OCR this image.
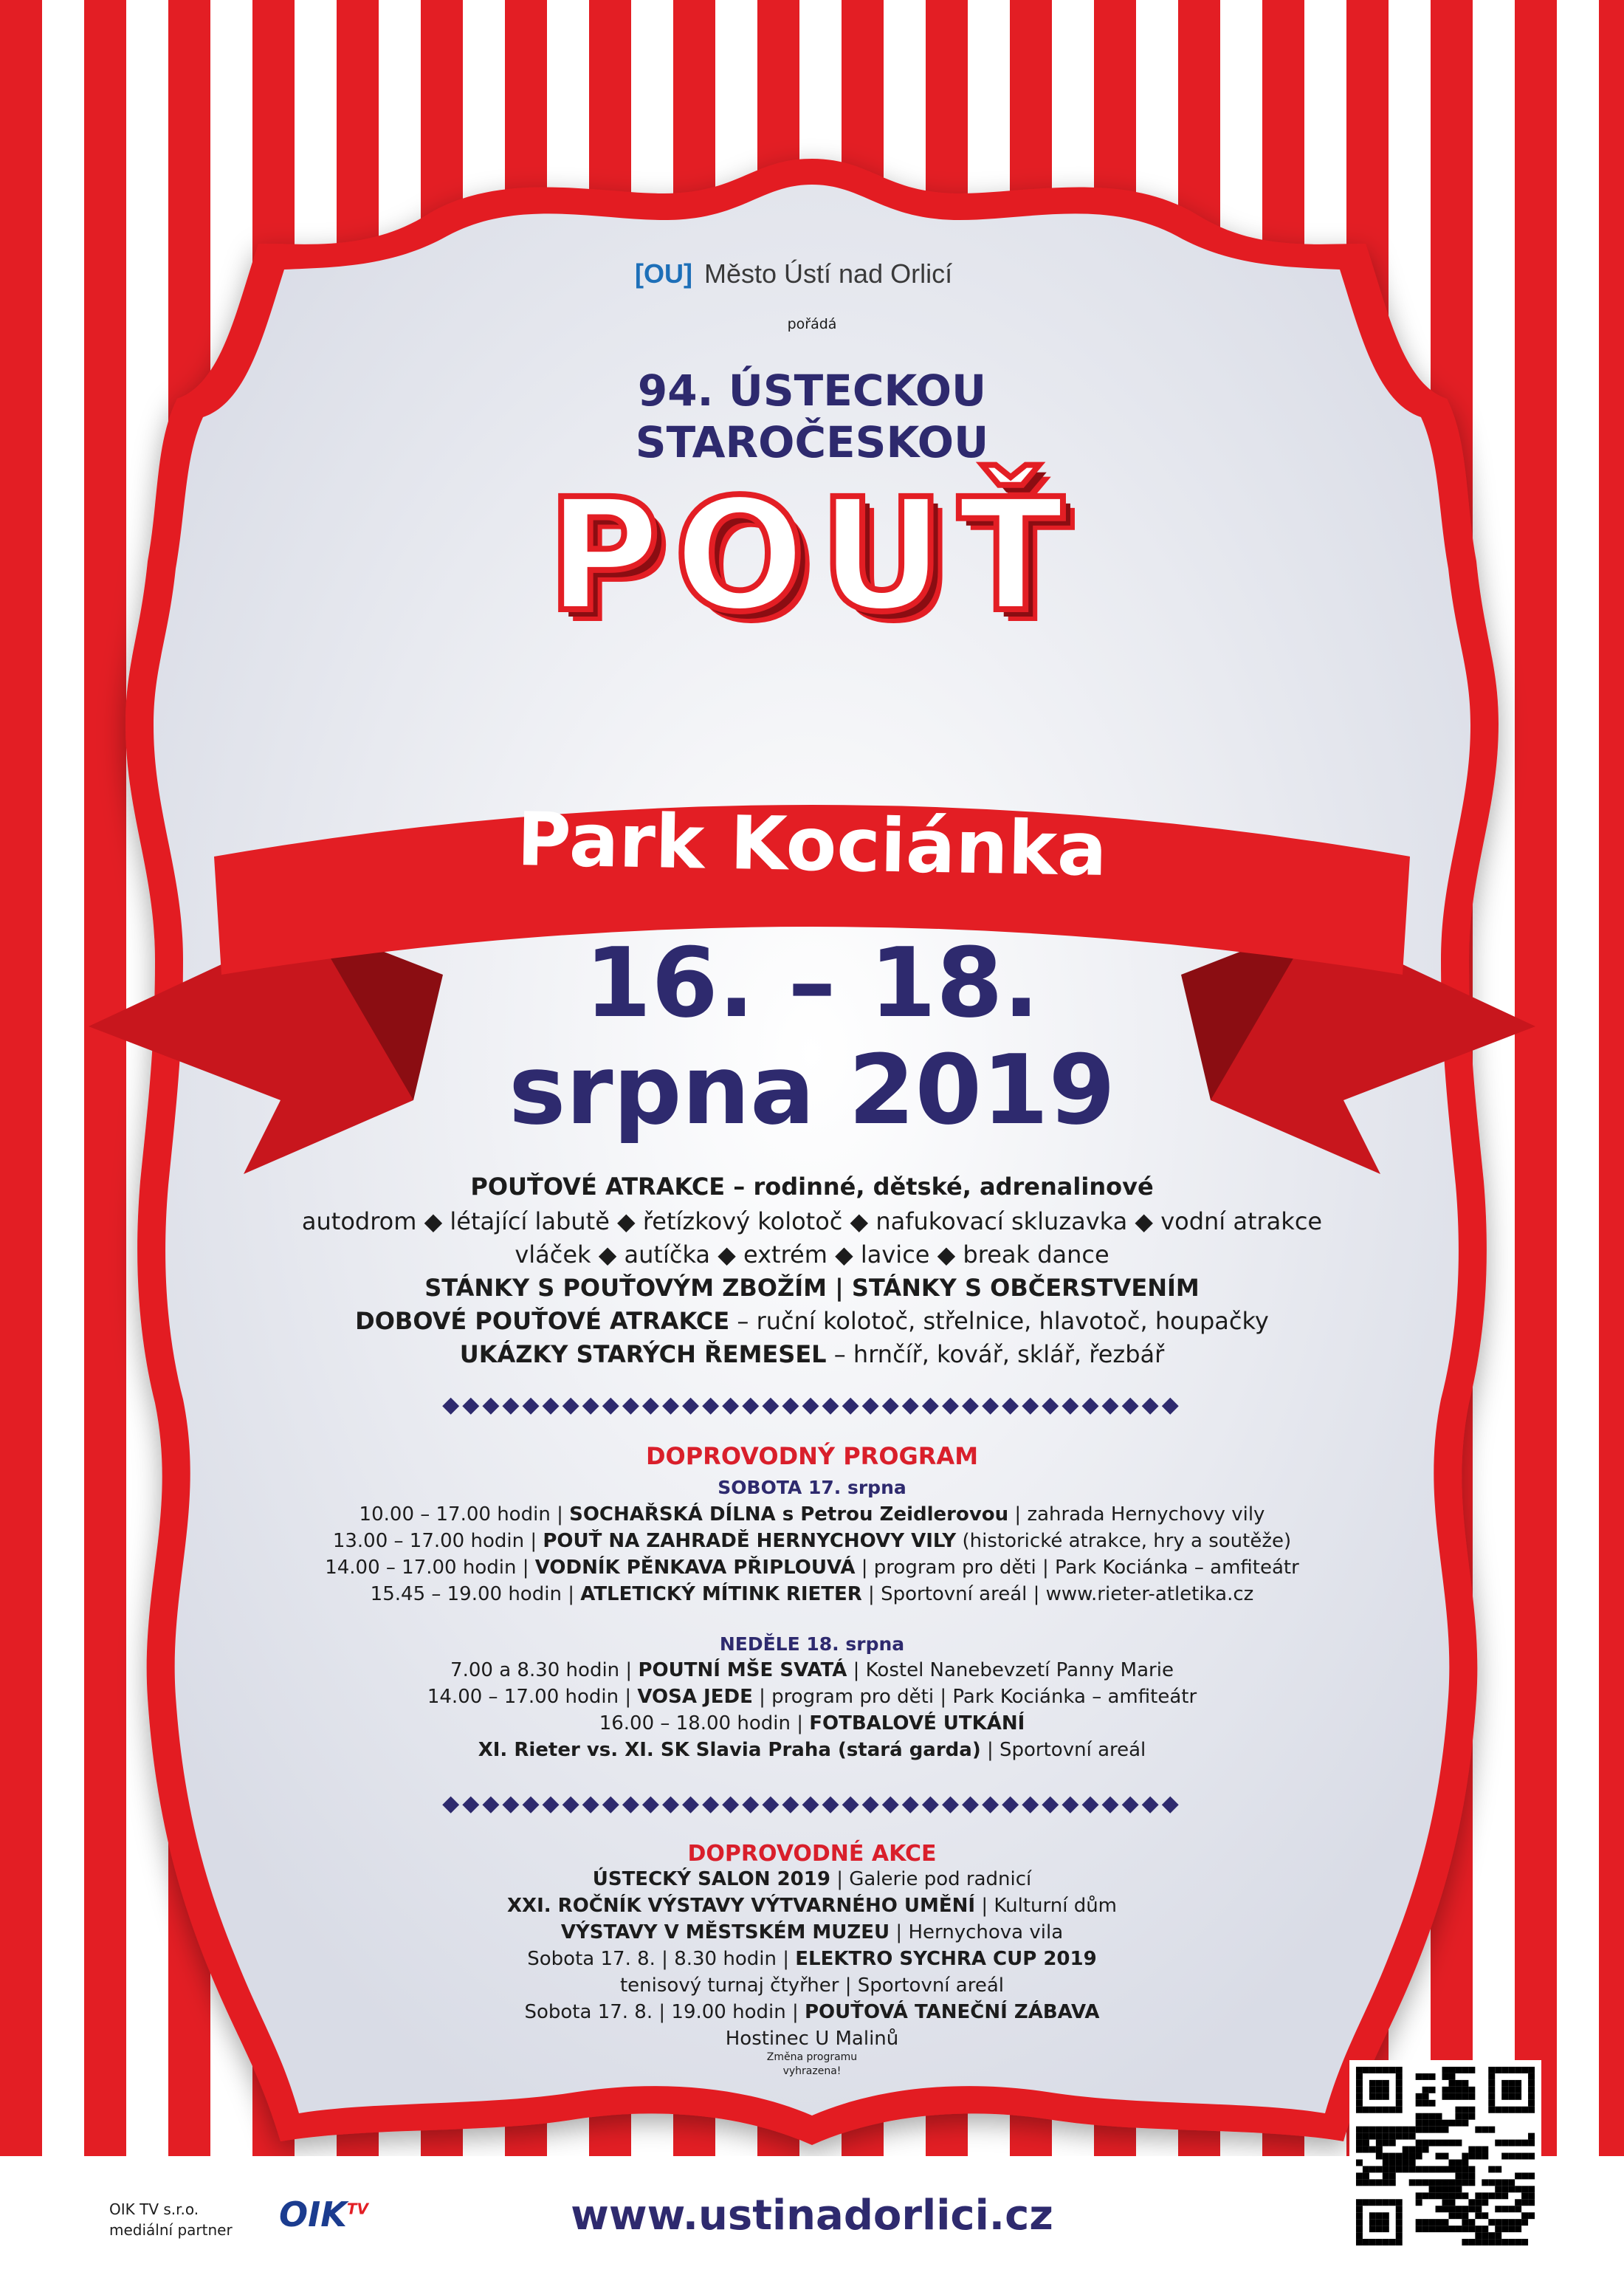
[OU] Město Ústí nad Orlicí
pořádá
94. ÚSTECKOU
STAROČESKOU
POUŤ
Park Kociánka
16. – 18.
srpna 2019
POUŤOVÉ ATRAKCE – rodinné, dětské, adrenalinové
autodrom ◆ létající labutě ◆ řetízkový kolotoč ◆ nafukovací skluzavka ◆ vodní atrakce
vláček ◆ autíčka ◆ extrém ◆ lavice ◆ break dance
STÁNKY S POUŤOVÝM ZBOŽÍM | STÁNKY S OBČERSTVENÍM
DOBOVÉ POUŤOVÉ ATRAKCE – ruční kolotoč, střelnice, hlavotoč, houpačky
UKÁZKY STARÝCH ŘEMESEL – hrnčíř, kovář, sklář, řezbář
◆◆◆◆◆◆◆◆◆◆◆◆◆◆◆◆◆◆◆◆◆◆◆◆◆◆◆◆◆◆◆◆◆◆◆◆◆
DOPROVODNÝ PROGRAM
SOBOTA 17. srpna
10.00 – 17.00 hodin | SOCHAŘSKÁ DÍLNA s Petrou Zeidlerovou | zahrada Hernychovy vily
13.00 – 17.00 hodin | POUŤ NA ZAHRADĚ HERNYCHOVY VILY (historické atrakce, hry a soutěže)
14.00 – 17.00 hodin | VODNÍK PĚNKAVA PŘIPLOUVÁ | program pro děti | Park Kociánka – amfiteátr
15.45 – 19.00 hodin | ATLETICKÝ MÍTINK RIETER | Sportovní areál | www.rieter-atletika.cz
NEDĚLE 18. srpna
7.00 a 8.30 hodin | POUTNÍ MŠE SVATÁ | Kostel Nanebevzetí Panny Marie
14.00 – 17.00 hodin | VOSA JEDE | program pro děti | Park Kociánka – amfiteátr
16.00 – 18.00 hodin | FOTBALOVÉ UTKÁNÍ
XI. Rieter vs. XI. SK Slavia Praha (stará garda) | Sportovní areál
◆◆◆◆◆◆◆◆◆◆◆◆◆◆◆◆◆◆◆◆◆◆◆◆◆◆◆◆◆◆◆◆◆◆◆◆◆
DOPROVODNÉ AKCE
ÚSTECKÝ SALON 2019 | Galerie pod radnicí
XXI. ROČNÍK VÝSTAVY VÝTVARNÉHO UMĚNÍ | Kulturní dům
VÝSTAVY V MĚSTSKÉM MUZEU | Hernychova vila
Sobota 17. 8. | 8.30 hodin | ELEKTRO SYCHRA CUP 2019
tenisový turnaj čtyřher | Sportovní areál
Sobota 17. 8. | 19.00 hodin | POUŤOVÁ TANEČNÍ ZÁBAVA
Hostinec U Malinů
Změna programu
vyhrazena!
OIK TV s.r.o.
mediální partner $OIK^{TV}$	www.ustinadorlici.cz
